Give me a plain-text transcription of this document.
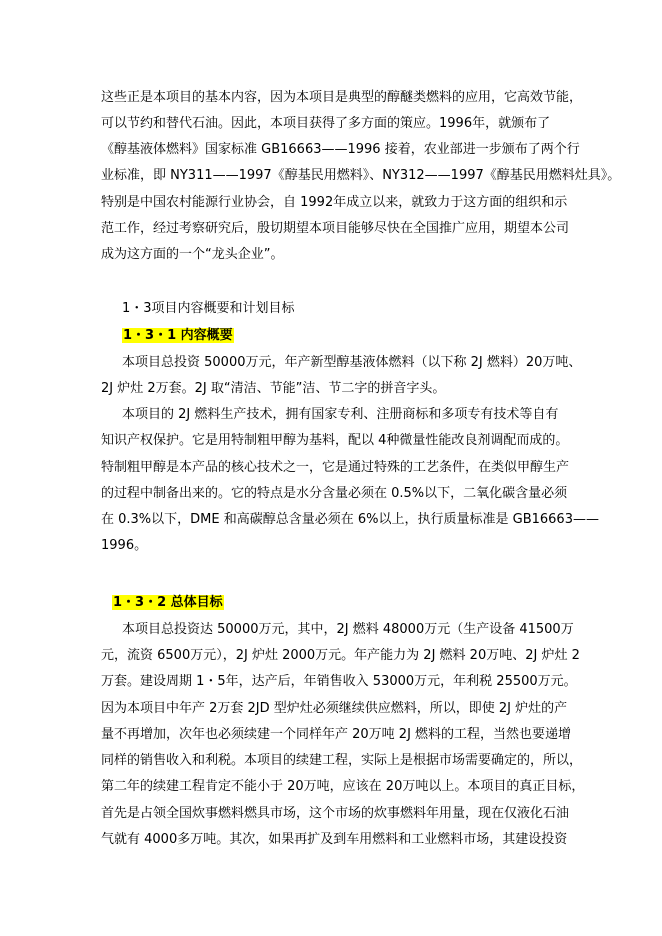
这些正是本项目的基本内容，因为本项目是典型的醇醚类燃料的应用，它高效节能，
可以节约和替代石油。因此，本项目获得了多方面的策应。1996年，就颁布了
《醇基液体燃料》国家标准 GB16663——1996 接着，农业部进一步颁布了两个行
业标准，即 NY311——1997《醇基民用燃料》、NY312——1997《醇基民用燃料灶具》。
特别是中国农村能源行业协会，自 1992年成立以来，就致力于这方面的组织和示
范工作，经过考察研究后，殷切期望本项目能够尽快在全国推广应用，期望本公司
成为这方面的一个“龙头企业”。
1・3项目内容概要和计划目标
1・3・1 内容概要
本项目总投资 50000万元，年产新型醇基液体燃料（以下称 2J 燃料）20万吨、
2J 炉灶 2万套。2J 取“清洁、节能”洁、节二字的拼音字头。
本项目的 2J 燃料生产技术，拥有国家专利、注册商标和多项专有技术等自有
知识产权保护。它是用特制粗甲醇为基料，配以 4种微量性能改良剂调配而成的。
特制粗甲醇是本产品的核心技术之一，它是通过特殊的工艺条件，在类似甲醇生产
的过程中制备出来的。它的特点是水分含量必须在 0.5%以下，二氧化碳含量必须
在 0.3%以下，DME 和高碳醇总含量必须在 6%以上，执行质量标准是 GB16663——
1996。
1・3・2 总体目标
本项目总投资达 50000万元，其中，2J 燃料 48000万元（生产设备 41500万
元，流资 6500万元），2J 炉灶 2000万元。年产能力为 2J 燃料 20万吨、2J 炉灶 2
万套。建设周期 1・5年，达产后，年销售收入 53000万元，年利税 25500万元。
因为本项目中年产 2万套 2JD 型炉灶必须继续供应燃料，所以，即使 2J 炉灶的产
量不再增加，次年也必须续建一个同样年产 20万吨 2J 燃料的工程，当然也要递增
同样的销售收入和利税。本项目的续建工程，实际上是根据市场需要确定的，所以，
第二年的续建工程肯定不能小于 20万吨，应该在 20万吨以上。本项目的真正目标，
首先是占领全国炊事燃料燃具市场，这个市场的炊事燃料年用量，现在仅液化石油
气就有 4000多万吨。其次，如果再扩及到车用燃料和工业燃料市场，其建设投资
